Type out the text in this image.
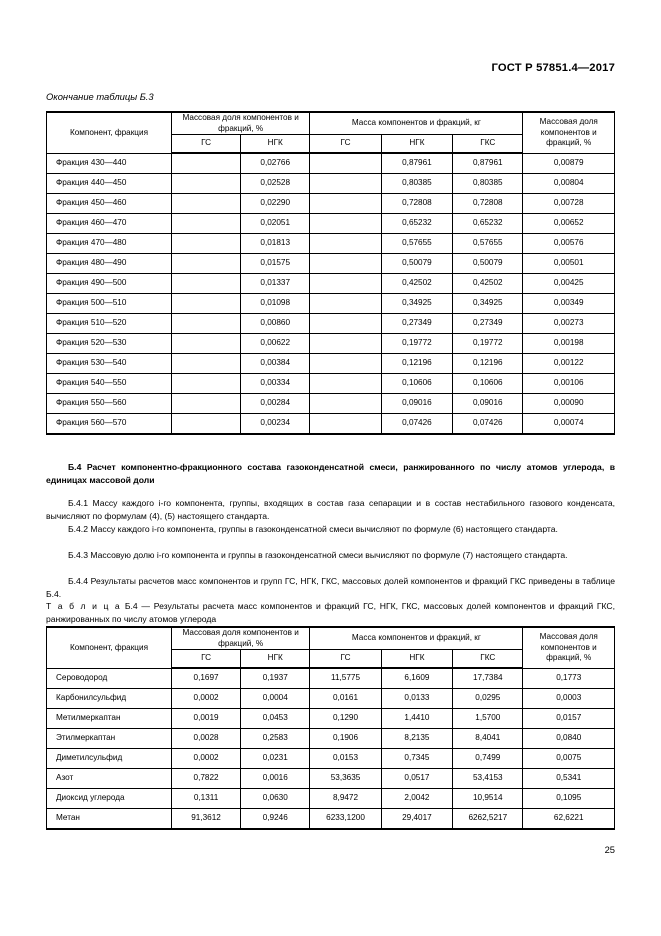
ГОСТ Р 57851.4—2017
Окончание таблицы Б.3
Компонент, фракция	Массовая доля компонентов и фракций, %		Масса компонентов и фракций, кг			Массовая доля компонентов и фракций, %
	ГС	НГК	ГС	НГК	ГКС	
Фракция 430—440		0,02766		0,87961	0,87961	0,00879
Фракция 440—450		0,02528		0,80385	0,80385	0,00804
Фракция 450—460		0,02290		0,72808	0,72808	0,00728
Фракция 460—470		0,02051		0,65232	0,65232	0,00652
Фракция 470—480		0,01813		0,57655	0,57655	0,00576
Фракция 480—490		0,01575		0,50079	0,50079	0,00501
Фракция 490—500		0,01337		0,42502	0,42502	0,00425
Фракция 500—510		0,01098		0,34925	0,34925	0,00349
Фракция 510—520		0,00860		0,27349	0,27349	0,00273
Фракция 520—530		0,00622		0,19772	0,19772	0,00198
Фракция 530—540		0,00384		0,12196	0,12196	0,00122
Фракция 540—550		0,00334		0,10606	0,10606	0,00106
Фракция 550—560		0,00284		0,09016	0,09016	0,00090
Фракция 560—570		0,00234		0,07426	0,07426	0,00074
Б.4 Расчет компонентно-фракционного состава газоконденсатной смеси, ранжированного по числу атомов углерода, в единицах массовой доли
Б.4.1 Массу каждого i-го компонента, группы, входящих в состав газа сепарации и в состав нестабильного газового конденсата, вычисляют по формулам (4), (5) настоящего стандарта.
Б.4.2 Массу каждого i-го компонента, группы в газоконденсатной смеси вычисляют по формуле (6) настоящего стандарта.
Б.4.3 Массовую долю i-го компонента и группы в газоконденсатной смеси вычисляют по формуле (7) настоящего стандарта.
Б.4.4 Результаты расчетов масс компонентов и групп ГС, НГК, ГКС, массовых долей компонентов и фракций ГКС приведены в таблице Б.4.
Т а б л и ц а Б.4 — Результаты расчета масс компонентов и фракций ГС, НГК, ГКС, массовых долей компонентов и фракций ГКС, ранжированных по числу атомов углерода
Компонент, фракция	Массовая доля компонентов и фракций, %		Масса компонентов и фракций, кг			Массовая доля компонентов и фракций, %
	ГС	НГК	ГС	НГК	ГКС	
Сероводород	0,1697	0,1937	11,5775	6,1609	17,7384	0,1773
Карбонилсульфид	0,0002	0,0004	0,0161	0,0133	0,0295	0,0003
Метилмеркаптан	0,0019	0,0453	0,1290	1,4410	1,5700	0,0157
Этилмеркаптан	0,0028	0,2583	0,1906	8,2135	8,4041	0,0840
Диметилсульфид	0,0002	0,0231	0,0153	0,7345	0,7499	0,0075
Азот	0,7822	0,0016	53,3635	0,0517	53,4153	0,5341
Диоксид углерода	0,1311	0,0630	8,9472	2,0042	10,9514	0,1095
Метан	91,3612	0,9246	6233,1200	29,4017	6262,5217	62,6221
25
